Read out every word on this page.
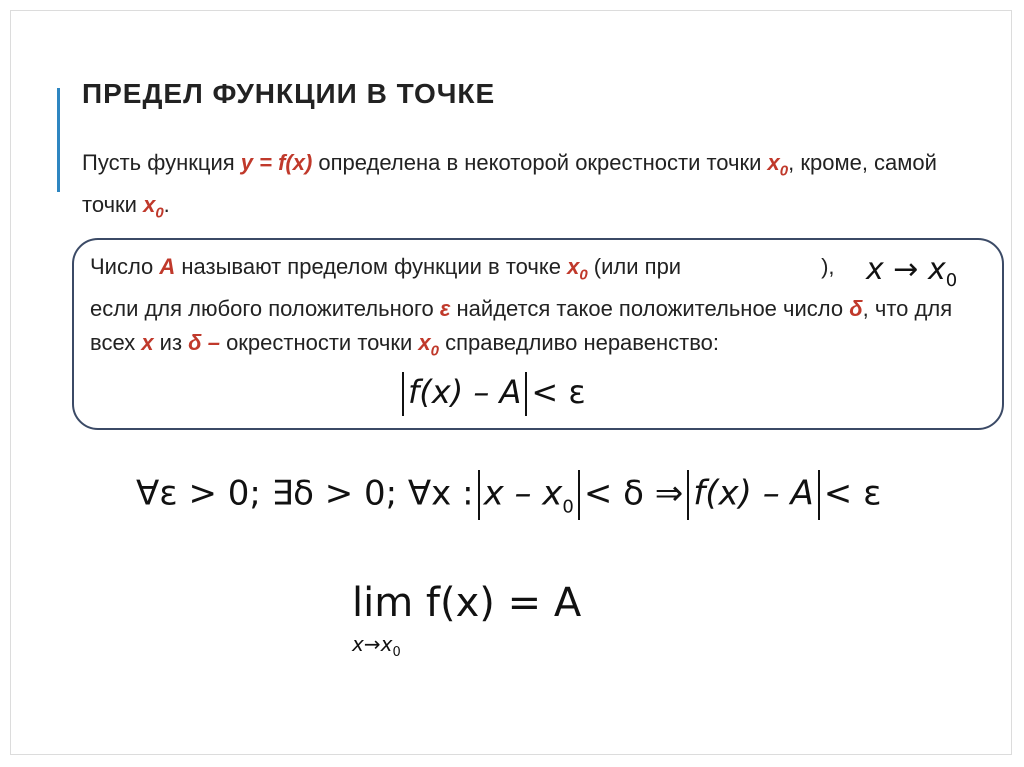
ПРЕДЕЛ ФУНКЦИИ В ТОЧКЕ
Пусть функция y = f(x) определена в некоторой окрестности точки $x_0$, кроме, самой точки $x_0$.
Число A называют пределом функции в точке $x_0$ (или при	),
если для любого положительного ε найдется такое положительное число δ, что для всех x из δ – окрестности точки $x_0$ справедливо неравенство:
$x \to x_0$
f(x) – A < ε
∀ε > 0; ∃δ > 0; ∀x : $x - x_0 < \delta$ ⇒ f(x) – A < ε
lim f(x) = A
$x\to x_0$
